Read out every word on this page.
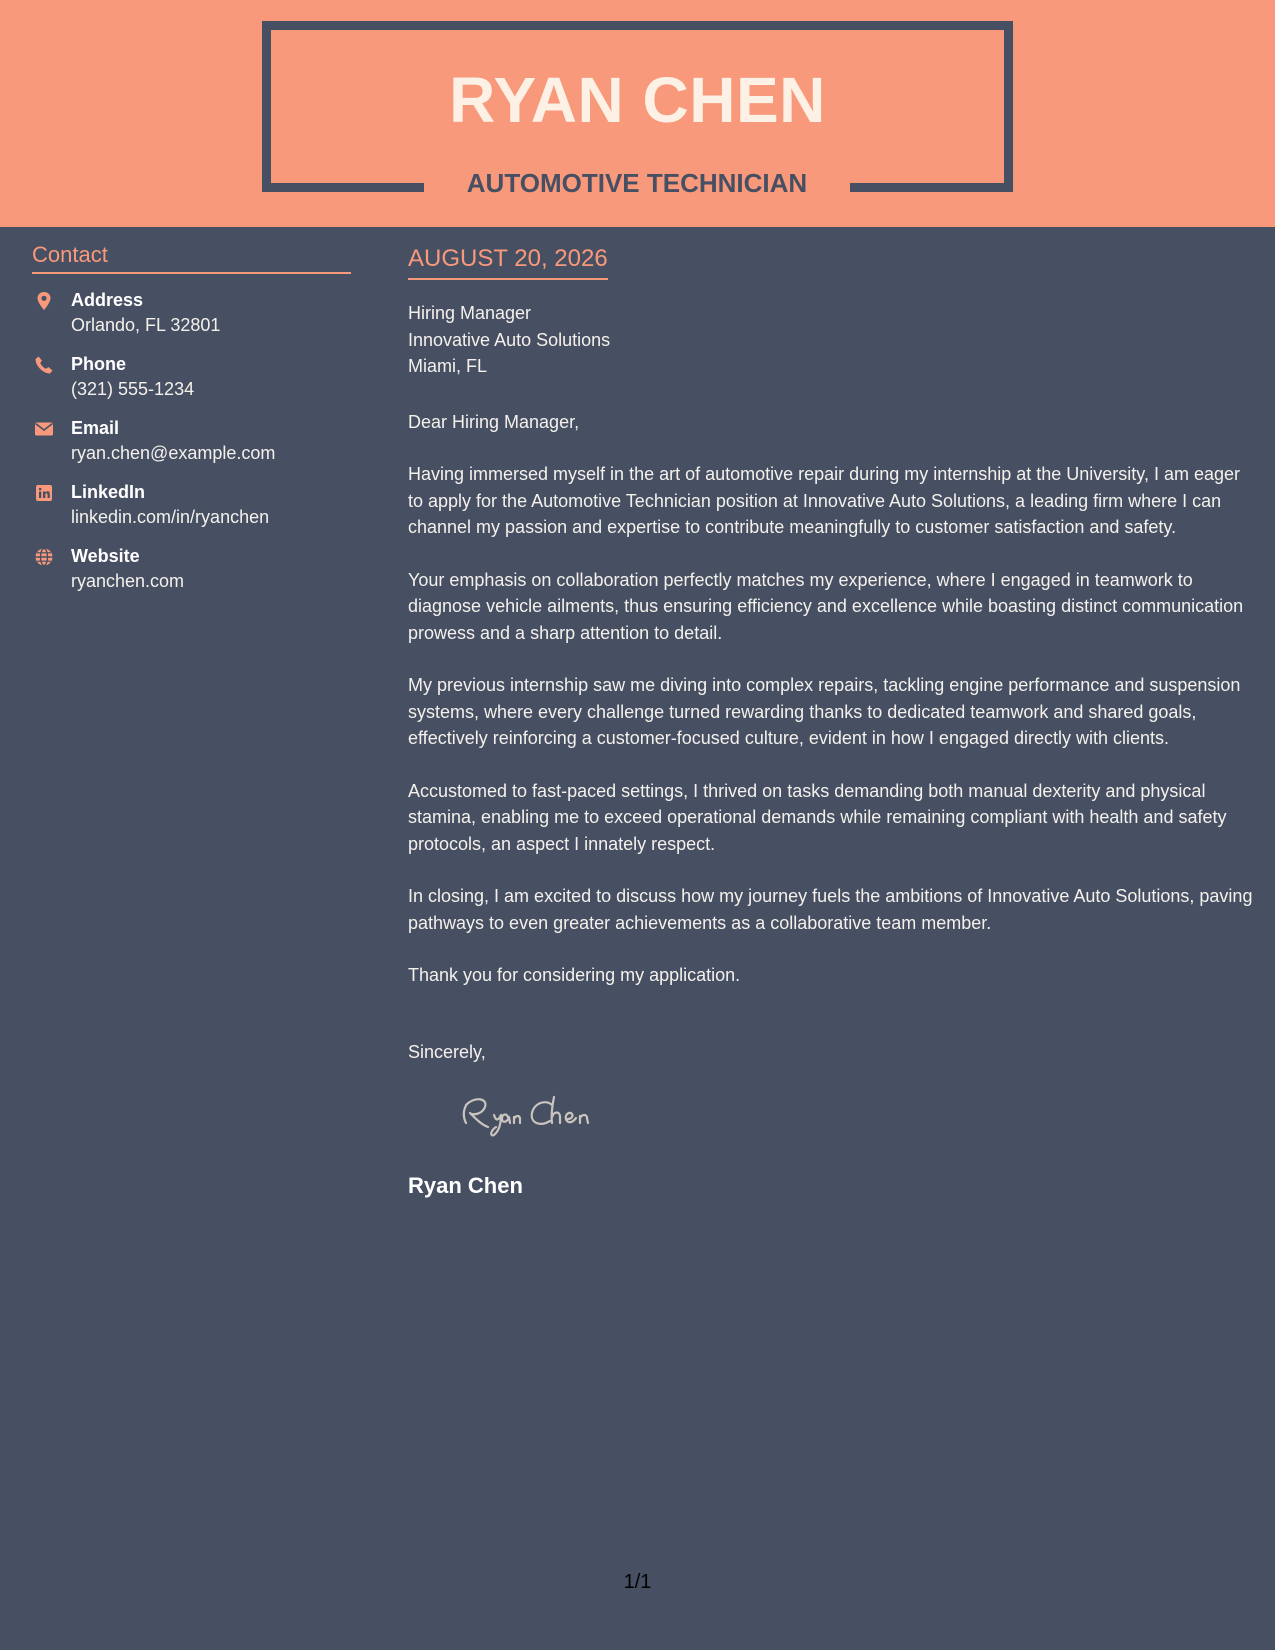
RYAN CHEN
AUTOMOTIVE TECHNICIAN
Contact
Address
Orlando, FL 32801
Phone
(321) 555-1234
Email
ryan.chen@example.com
LinkedIn
linkedin.com/in/ryanchen
Website
ryanchen.com
AUGUST 20, 2026
Hiring Manager
Innovative Auto Solutions
Miami, FL
Dear Hiring Manager,
Having immersed myself in the art of automotive repair during my internship at the University, I am eager to apply for the Automotive Technician position at Innovative Auto Solutions, a leading firm where I can channel my passion and expertise to contribute meaningfully to customer satisfaction and safety.
Your emphasis on collaboration perfectly matches my experience, where I engaged in teamwork to diagnose vehicle ailments, thus ensuring efficiency and excellence while boasting distinct communication prowess and a sharp attention to detail.
My previous internship saw me diving into complex repairs, tackling engine performance and suspension systems, where every challenge turned rewarding thanks to dedicated teamwork and shared goals, effectively reinforcing a customer-focused culture, evident in how I engaged directly with clients.
Accustomed to fast-paced settings, I thrived on tasks demanding both manual dexterity and physical stamina, enabling me to exceed operational demands while remaining compliant with health and safety protocols, an aspect I innately respect.
In closing, I am excited to discuss how my journey fuels the ambitions of Innovative Auto Solutions, paving pathways to even greater achievements as a collaborative team member.
Thank you for considering my application.
Sincerely,
Ryan Chen
1/1
